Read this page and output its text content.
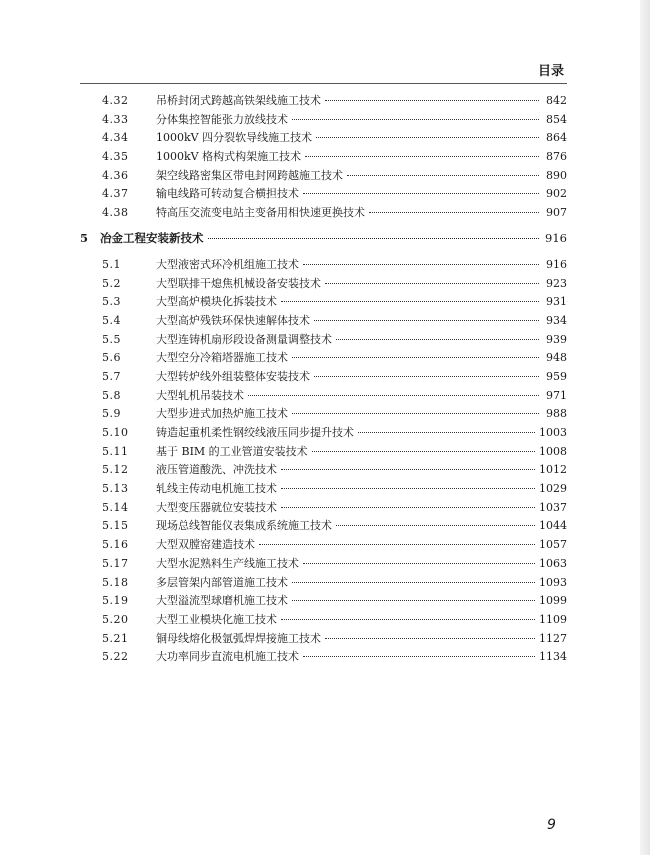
目录
4.32	吊桥封闭式跨越高铁架线施工技术	842
4.33	分体集控智能张力放线技术	854
4.34	1000kV 四分裂软导线施工技术	864
4.35	1000kV 格构式构架施工技术	876
4.36	架空线路密集区带电封网跨越施工技术	890
4.37	输电线路可转动复合横担技术	902
4.38	特高压交流变电站主变备用相快速更换技术	907
5 冶金工程安装新技术	916
5.1	大型液密式环冷机组施工技术	916
5.2	大型联排干熄焦机械设备安装技术	923
5.3	大型高炉模块化拆装技术	931
5.4	大型高炉残铁环保快速解体技术	934
5.5	大型连铸机扇形段设备测量调整技术	939
5.6	大型空分冷箱塔器施工技术	948
5.7	大型转炉线外组装整体安装技术	959
5.8	大型轧机吊装技术	971
5.9	大型步进式加热炉施工技术	988
5.10	铸造起重机柔性钢绞线液压同步提升技术	1003
5.11	基于 BIM 的工业管道安装技术	1008
5.12	液压管道酸洗、冲洗技术	1012
5.13	轧线主传动电机施工技术	1029
5.14	大型变压器就位安装技术	1037
5.15	现场总线智能仪表集成系统施工技术	1044
5.16	大型双膛窑建造技术	1057
5.17	大型水泥熟料生产线施工技术	1063
5.18	多层管架内部管道施工技术	1093
5.19	大型溢流型球磨机施工技术	1099
5.20	大型工业模块化施工技术	1109
5.21	铜母线熔化极氩弧焊焊接施工技术	1127
5.22	大功率同步直流电机施工技术	1134
9
